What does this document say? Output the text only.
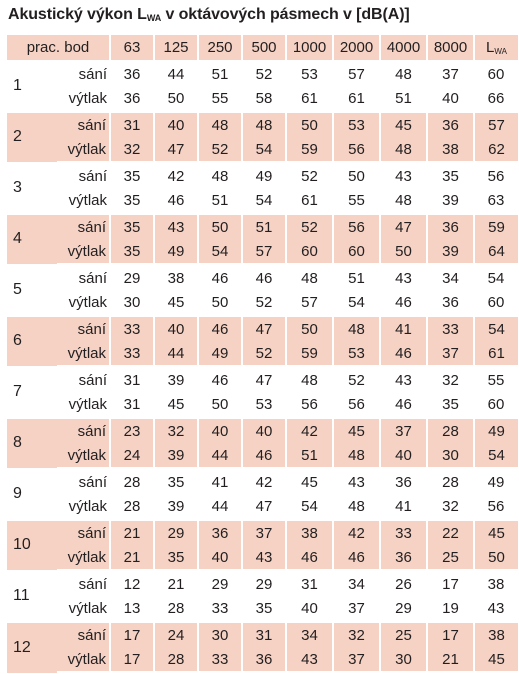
Akustický výkon $L_{WA}$ v oktávových pásmech v [dB(A)]
prac. bod		63	125	250	500	1000	2000	4000	8000	$L_{WA}$
1	sání	36	44	51	52	53	57	48	37	60
	výtlak	36	50	55	58	61	61	51	40	66
2	sání	31	40	48	48	50	53	45	36	57
	výtlak	32	47	52	54	59	56	48	38	62
3	sání	35	42	48	49	52	50	43	35	56
	výtlak	35	46	51	54	61	55	48	39	63
4	sání	35	43	50	51	52	56	47	36	59
	výtlak	35	49	54	57	60	60	50	39	64
5	sání	29	38	46	46	48	51	43	34	54
	výtlak	30	45	50	52	57	54	46	36	60
6	sání	33	40	46	47	50	48	41	33	54
	výtlak	33	44	49	52	59	53	46	37	61
7	sání	31	39	46	47	48	52	43	32	55
	výtlak	31	45	50	53	56	56	46	35	60
8	sání	23	32	40	40	42	45	37	28	49
	výtlak	24	39	44	46	51	48	40	30	54
9	sání	28	35	41	42	45	43	36	28	49
	výtlak	28	39	44	47	54	48	41	32	56
10	sání	21	29	36	37	38	42	33	22	45
	výtlak	21	35	40	43	46	46	36	25	50
11	sání	12	21	29	29	31	34	26	17	38
	výtlak	13	28	33	35	40	37	29	19	43
12	sání	17	24	30	31	34	32	25	17	38
	výtlak	17	28	33	36	43	37	30	21	45
